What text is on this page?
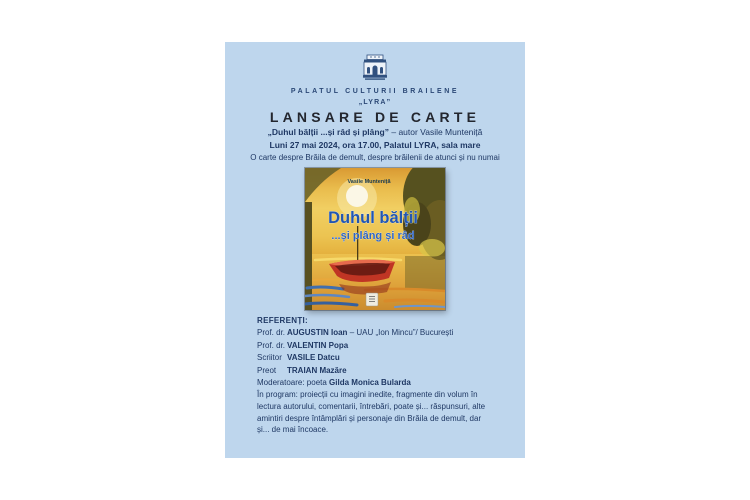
PALATUL CULTURII BRAILENE
„LYRA”
LANSARE DE CARTE
„Duhul bălții ...și râd și plâng” – autor Vasile Munteniță
Luni 27 mai 2024, ora 17.00, Palatul LYRA, sala mare
O carte despre Brăila de demult, despre brăilenii de atunci și nu numai
Vasile Munteniță
Duhul bălții
...și plâng și râd
REFERENȚI:
Prof. dr. AUGUSTIN Ioan – UAU „Ion Mincu”/ București
Prof. dr. VALENTIN Popa
Scriitor VASILE Datcu
Preot TRAIAN Mazăre
Moderatoare: poeta Gilda Monica Bularda
În program: proiecții cu imagini inedite, fragmente din volum în lectura autorului, comentarii, întrebări, poate și... răspunsuri, alte amintiri despre întâmplări și personaje din Brăila de demult, dar și... de mai încoace.
